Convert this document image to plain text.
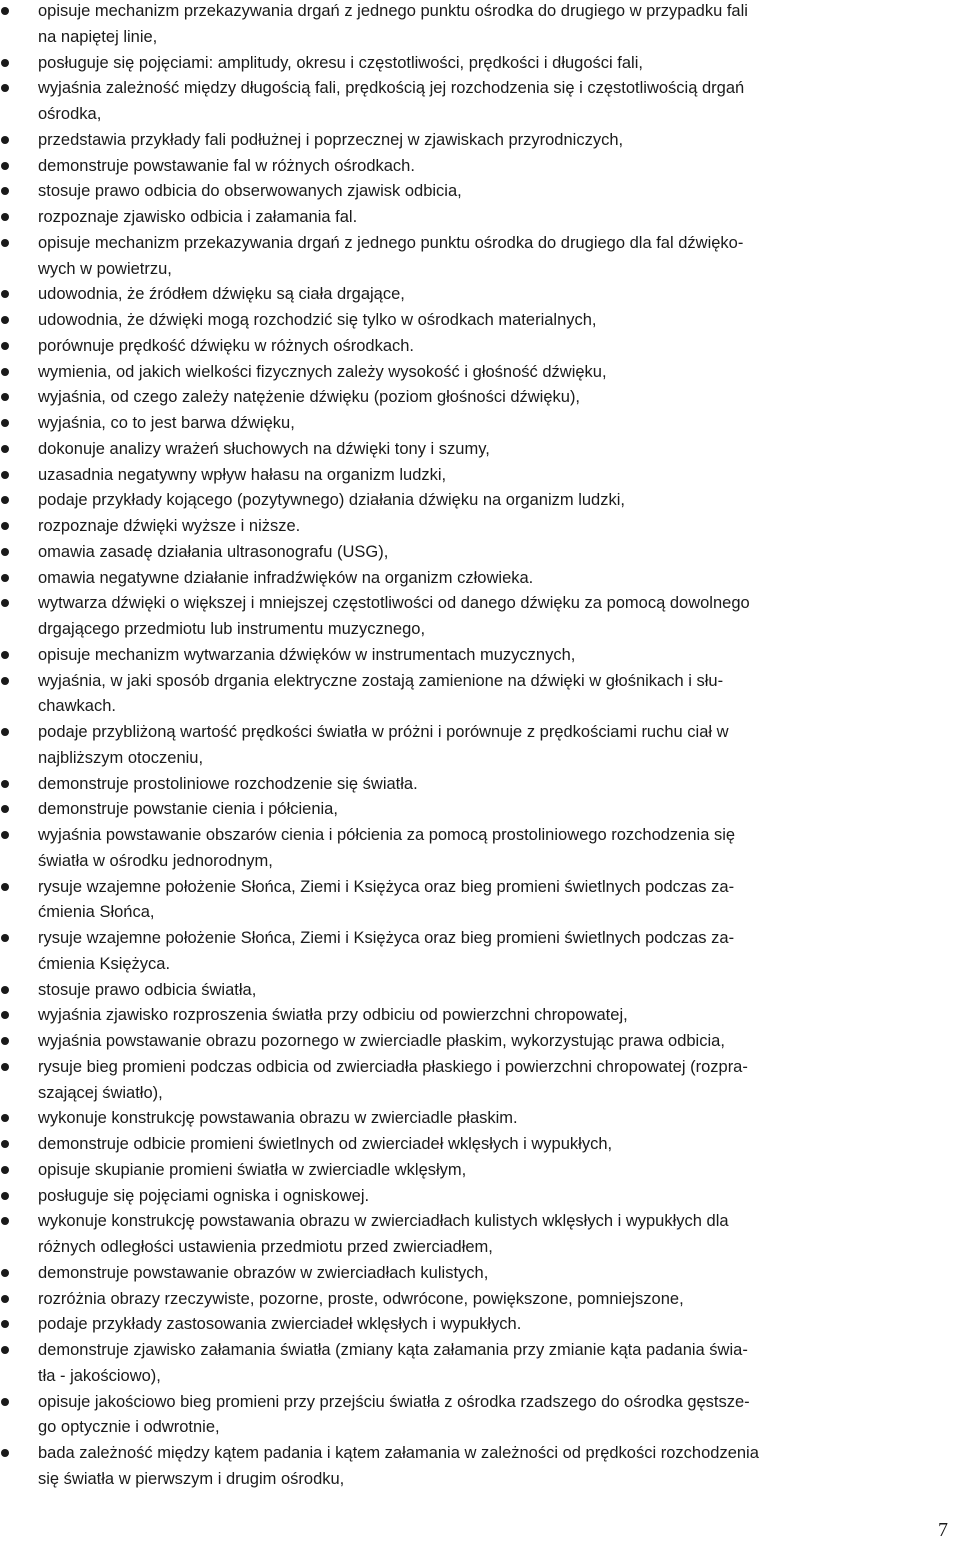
opisuje mechanizm przekazywania drgań z jednego punktu ośrodka do drugiego w przypadku fali
na napiętej linie,
posługuje się pojęciami: amplitudy, okresu i częstotliwości, prędkości i długości fali,
wyjaśnia zależność między długością fali, prędkością jej rozchodzenia się i częstotliwością drgań
ośrodka,
przedstawia przykłady fali podłużnej i poprzecznej w zjawiskach przyrodniczych,
demonstruje powstawanie fal w różnych ośrodkach.
stosuje prawo odbicia do obserwowanych zjawisk odbicia,
rozpoznaje zjawisko odbicia i załamania fal.
opisuje mechanizm przekazywania drgań z jednego punktu ośrodka do drugiego dla fal dźwięko-
wych w powietrzu,
udowodnia, że źródłem dźwięku są ciała drgające,
udowodnia, że dźwięki mogą rozchodzić się tylko w ośrodkach materialnych,
porównuje prędkość dźwięku w różnych ośrodkach.
wymienia, od jakich wielkości fizycznych zależy wysokość i głośność dźwięku,
wyjaśnia, od czego zależy natężenie dźwięku (poziom głośności dźwięku),
wyjaśnia, co to jest barwa dźwięku,
dokonuje analizy wrażeń słuchowych na dźwięki tony i szumy,
uzasadnia negatywny wpływ hałasu na organizm ludzki,
podaje przykłady kojącego (pozytywnego) działania dźwięku na organizm ludzki,
rozpoznaje dźwięki wyższe i niższe.
omawia zasadę działania ultrasonografu (USG),
omawia negatywne działanie infradźwięków na organizm człowieka.
wytwarza dźwięki o większej i mniejszej częstotliwości od danego dźwięku za pomocą dowolnego
drgającego przedmiotu lub instrumentu muzycznego,
opisuje mechanizm wytwarzania dźwięków w instrumentach muzycznych,
wyjaśnia, w jaki sposób drgania elektryczne zostają zamienione na dźwięki w głośnikach i słu-
chawkach.
podaje przybliżoną wartość prędkości światła w próżni i porównuje z prędkościami ruchu ciał w
najbliższym otoczeniu,
demonstruje prostoliniowe rozchodzenie się światła.
demonstruje powstanie cienia i półcienia,
wyjaśnia powstawanie obszarów cienia i półcienia za pomocą prostoliniowego rozchodzenia się
światła w ośrodku jednorodnym,
rysuje wzajemne położenie Słońca, Ziemi i Księżyca oraz bieg promieni świetlnych podczas za-
ćmienia Słońca,
rysuje wzajemne położenie Słońca, Ziemi i Księżyca oraz bieg promieni świetlnych podczas za-
ćmienia Księżyca.
stosuje prawo odbicia światła,
wyjaśnia zjawisko rozproszenia światła przy odbiciu od powierzchni chropowatej,
wyjaśnia powstawanie obrazu pozornego w zwierciadle płaskim, wykorzystując prawa odbicia,
rysuje bieg promieni podczas odbicia od zwierciadła płaskiego i powierzchni chropowatej (rozpra-
szającej światło),
wykonuje konstrukcję powstawania obrazu w zwierciadle płaskim.
demonstruje odbicie promieni świetlnych od zwierciadeł wklęsłych i wypukłych,
opisuje skupianie promieni światła w zwierciadle wklęsłym,
posługuje się pojęciami ogniska i ogniskowej.
wykonuje konstrukcję powstawania obrazu w zwierciadłach kulistych wklęsłych i wypukłych dla
różnych odległości ustawienia przedmiotu przed zwierciadłem,
demonstruje powstawanie obrazów w zwierciadłach kulistych,
rozróżnia obrazy rzeczywiste, pozorne, proste, odwrócone, powiększone, pomniejszone,
podaje przykłady zastosowania zwierciadeł wklęsłych i wypukłych.
demonstruje zjawisko załamania światła (zmiany kąta załamania przy zmianie kąta padania świa-
tła - jakościowo),
opisuje jakościowo bieg promieni przy przejściu światła z ośrodka rzadszego do ośrodka gęstsze-
go optycznie i odwrotnie,
bada zależność między kątem padania i kątem załamania w zależności od prędkości rozchodzenia
się światła w pierwszym i drugim ośrodku,
7
